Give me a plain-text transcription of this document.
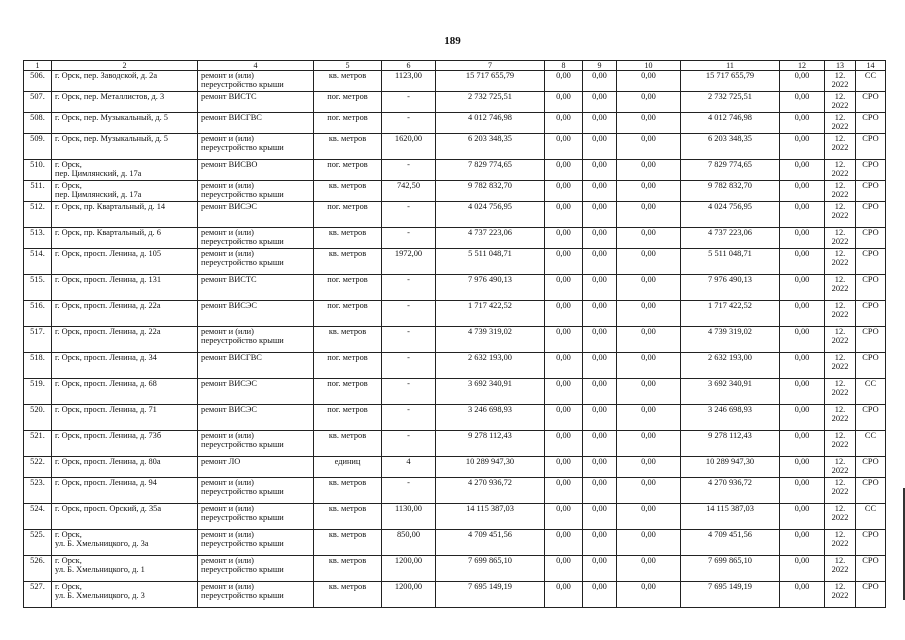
189
1	2	4	5	6	7	8	9	10	11	12	13	14
506.	г. Орск, пер. Заводской, д. 2а	ремонт и (или)
переустройство крыши	кв. метров	1123,00	15 717 655,79	0,00	0,00	0,00	15 717 655,79	0,00	12.
2022	СС
507.	г. Орск, пер. Металлистов, д. 3	ремонт ВИСТС	пог. метров	-	2 732 725,51	0,00	0,00	0,00	2 732 725,51	0,00	12.
2022	СРО
508.	г. Орск, пер. Музыкальный, д. 5	ремонт ВИСГВС	пог. метров	-	4 012 746,98	0,00	0,00	0,00	4 012 746,98	0,00	12.
2022	СРО
509.	г. Орск, пер. Музыкальный, д. 5	ремонт и (или)
переустройство крыши	кв. метров	1620,00	6 203 348,35	0,00	0,00	0,00	6 203 348,35	0,00	12.
2022	СРО
510.	г. Орск,
пер. Цимлянский, д. 17а	ремонт ВИСВО	пог. метров	-	7 829 774,65	0,00	0,00	0,00	7 829 774,65	0,00	12.
2022	СРО
511.	г. Орск,
пер. Цимлянский, д. 17а	ремонт и (или)
переустройство крыши	кв. метров	742,50	9 782 832,70	0,00	0,00	0,00	9 782 832,70	0,00	12.
2022	СРО
512.	г. Орск, пр. Квартальный, д. 14	ремонт ВИСЭС	пог. метров	-	4 024 756,95	0,00	0,00	0,00	4 024 756,95	0,00	12.
2022	СРО
513.	г. Орск, пр. Квартальный, д. 6	ремонт и (или)
переустройство крыши	кв. метров	-	4 737 223,06	0,00	0,00	0,00	4 737 223,06	0,00	12.
2022	СРО
514.	г. Орск, просп. Ленина, д. 105	ремонт и (или)
переустройство крыши	кв. метров	1972,00	5 511 048,71	0,00	0,00	0,00	5 511 048,71	0,00	12.
2022	СРО
515.	г. Орск, просп. Ленина, д. 131	ремонт ВИСТС	пог. метров	-	7 976 490,13	0,00	0,00	0,00	7 976 490,13	0,00	12.
2022	СРО
516.	г. Орск, просп. Ленина, д. 22а	ремонт ВИСЭС	пог. метров	-	1 717 422,52	0,00	0,00	0,00	1 717 422,52	0,00	12.
2022	СРО
517.	г. Орск, просп. Ленина, д. 22а	ремонт и (или)
переустройство крыши	кв. метров	-	4 739 319,02	0,00	0,00	0,00	4 739 319,02	0,00	12.
2022	СРО
518.	г. Орск, просп. Ленина, д. 34	ремонт ВИСГВС	пог. метров	-	2 632 193,00	0,00	0,00	0,00	2 632 193,00	0,00	12.
2022	СРО
519.	г. Орск, просп. Ленина, д. 68	ремонт ВИСЭС	пог. метров	-	3 692 340,91	0,00	0,00	0,00	3 692 340,91	0,00	12.
2022	СС
520.	г. Орск, просп. Ленина, д. 71	ремонт ВИСЭС	пог. метров	-	3 246 698,93	0,00	0,00	0,00	3 246 698,93	0,00	12.
2022	СРО
521.	г. Орск, просп. Ленина, д. 73б	ремонт и (или)
переустройство крыши	кв. метров	-	9 278 112,43	0,00	0,00	0,00	9 278 112,43	0,00	12.
2022	СС
522.	г. Орск, просп. Ленина, д. 80а	ремонт ЛО	единиц	4	10 289 947,30	0,00	0,00	0,00	10 289 947,30	0,00	12.
2022	СРО
523.	г. Орск, просп. Ленина, д. 94	ремонт и (или)
переустройство крыши	кв. метров	-	4 270 936,72	0,00	0,00	0,00	4 270 936,72	0,00	12.
2022	СРО
524.	г. Орск, просп. Орский, д. 35а	ремонт и (или)
переустройство крыши	кв. метров	1130,00	14 115 387,03	0,00	0,00	0,00	14 115 387,03	0,00	12.
2022	СС
525.	г. Орск,
ул. Б. Хмельницкого, д. 3а	ремонт и (или)
переустройство крыши	кв. метров	850,00	4 709 451,56	0,00	0,00	0,00	4 709 451,56	0,00	12.
2022	СРО
526.	г. Орск,
ул. Б. Хмельницкого, д. 1	ремонт и (или)
переустройство крыши	кв. метров	1200,00	7 699 865,10	0,00	0,00	0,00	7 699 865,10	0,00	12.
2022	СРО
527.	г. Орск,
ул. Б. Хмельницкого, д. 3	ремонт и (или)
переустройство крыши	кв. метров	1200,00	7 695 149,19	0,00	0,00	0,00	7 695 149,19	0,00	12.
2022	СРО
